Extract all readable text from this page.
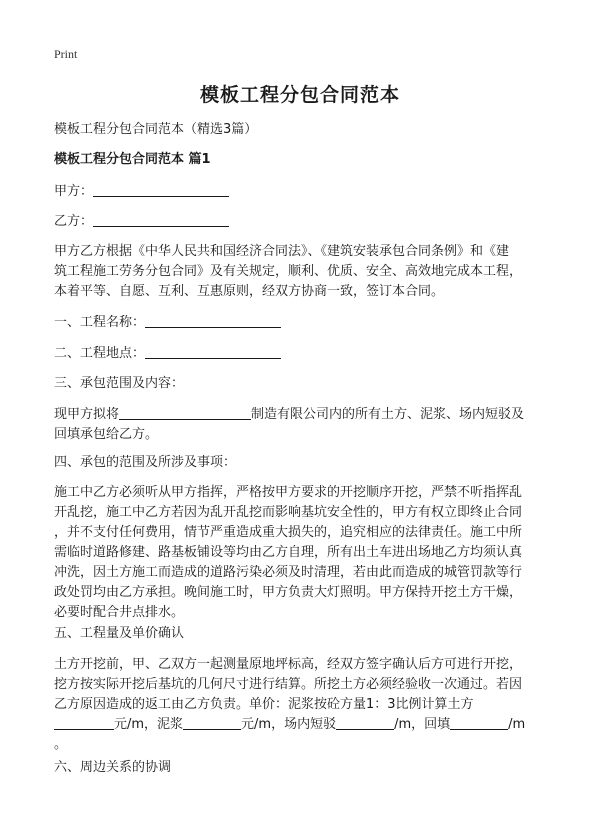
Print
模板工程分包合同范本
模板工程分包合同范本（精选3篇）
模板工程分包合同范本 篇1
甲方：
乙方：
甲方乙方根据《中华人民共和国经济合同法》、《建筑安装承包合同条例》和《建
筑工程施工劳务分包合同》及有关规定，顺利、优质、安全、高效地完成本工程，
本着平等、自愿、互利、互惠原则，经双方协商一致，签订本合同。
一、工程名称：
二、工程地点：
三、承包范围及内容：
现甲方拟将	制造有限公司内的所有土方、泥浆、场内短驳及
回填承包给乙方。
四、承包的范围及所涉及事项：
施工中乙方必须听从甲方指挥，严格按甲方要求的开挖顺序开挖，严禁不听指挥乱
开乱挖，施工中乙方若因为乱开乱挖而影响基坑安全性的，甲方有权立即终止合同
，并不支付任何费用，情节严重造成重大损失的，追究相应的法律责任。施工中所
需临时道路修建、路基板铺设等均由乙方自理，所有出土车进出场地乙方均须认真
冲洗，因土方施工而造成的道路污染必须及时清理，若由此而造成的城管罚款等行
政处罚均由乙方承担。晚间施工时，甲方负责大灯照明。甲方保持开挖土方干燥，
必要时配合井点排水。
五、工程量及单价确认
土方开挖前，甲、乙双方一起测量原地坪标高，经双方签字确认后方可进行开挖，
挖方按实际开挖后基坑的几何尺寸进行结算。所挖土方必须经验收一次通过。若因
乙方原因造成的返工由乙方负责。单价：泥浆按砼方量1：3比例计算土方
元/m，泥浆	元/m，场内短驳	/m，回填	/m
。
六、周边关系的协调
